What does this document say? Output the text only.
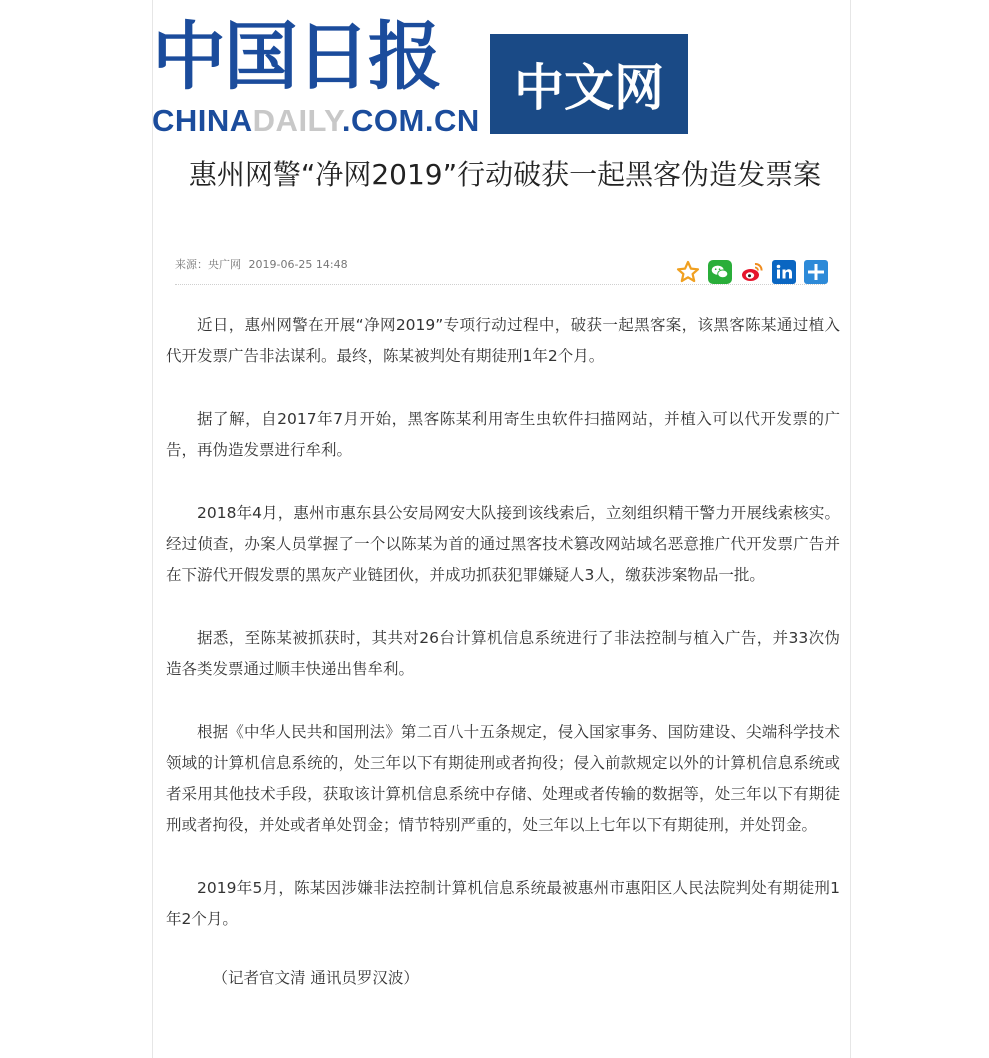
中国日报
CHINADAILY.COM.CN
中文网
惠州网警“净网2019”行动破获一起黑客伪造发票案
来源：央广网 2019-06-25 14:48

近日，惠州网警在开展“净网2019”专项行动过程中，破获一起黑客案，该黑客陈某通过植入代开发票广告非法谋利。最终，陈某被判处有期徒刑1年2个月。

据了解，自2017年7月开始，黑客陈某利用寄生虫软件扫描网站，并植入可以代开发票的广告，再伪造发票进行牟利。

2018年4月，惠州市惠东县公安局网安大队接到该线索后，立刻组织精干警力开展线索核实。经过侦查，办案人员掌握了一个以陈某为首的通过黑客技术篡改网站域名恶意推广代开发票广告并在下游代开假发票的黑灰产业链团伙，并成功抓获犯罪嫌疑人3人，缴获涉案物品一批。

据悉，至陈某被抓获时，其共对26台计算机信息系统进行了非法控制与植入广告，并33次伪造各类发票通过顺丰快递出售牟利。

根据《中华人民共和国刑法》第二百八十五条规定，侵入国家事务、国防建设、尖端科学技术领域的计算机信息系统的，处三年以下有期徒刑或者拘役；侵入前款规定以外的计算机信息系统或者采用其他技术手段，获取该计算机信息系统中存储、处理或者传输的数据等，处三年以下有期徒刑或者拘役，并处或者单处罚金；情节特别严重的，处三年以上七年以下有期徒刑，并处罚金。

2019年5月，陈某因涉嫌非法控制计算机信息系统最被惠州市惠阳区人民法院判处有期徒刑1年2个月。

（记者官文清 通讯员罗汉波）
